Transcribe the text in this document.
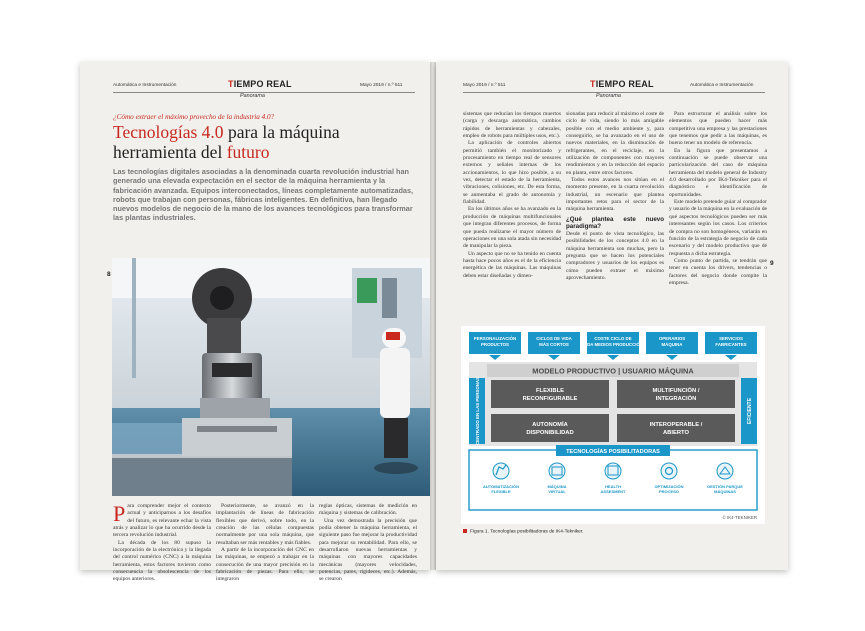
Automática e Instrumentación	TIEMPO REAL	Mayo 2019 / n.º 511
Panorama
¿Cómo extraer el máximo provecho de la industria 4.0?
Tecnologías 4.0 para la máquina herramienta del futuro
Las tecnologías digitales asociadas a la denominada cuarta revolución industrial han generado una elevada expectación en el sector de la máquina herramienta y la fabricación avanzada. Equipos interconectados, líneas completamente automatizadas, robots que trabajan con personas, fábricas inteligentes. En definitiva, han llegado nuevos modelos de negocio de la mano de los avances tecnológicos para transformar las plantas industriales.
P ara comprender mejor el contexto actual y anticiparnos a los desafíos del futuro, es relevante echar la vista atrás y analizar lo que ha ocurrido desde la tercera revolución industrial.

La década de los 80 supuso la incorporación de la electrónica y la llegada del control numérico (CNC) a la máquina herramienta, estos factores tuvieron como consecuencia la obsolescencia de los equipos anteriores.

Posteriormente, se avanzó en la implantación de líneas de fabricación flexibles que derivó, sobre todo, en la creación de las células compuestas normalmente por una sola máquina, que resultaban ser más rentables y más fiables.

A partir de la incorporación del CNC en las máquinas, se empezó a trabajar en la consecución de una mayor precisión en la fabricación de piezas. Para ello, se integraron

reglas ópticas, sistemas de medición en máquina y sistemas de calibración.

Una vez demostrada la precisión que podía obtener la máquina herramienta, el siguiente paso fue mejorar la productividad para mejorar su rentabilidad. Para ello, se desarrollaron nuevas herramientas y máquinas con mayores capacidades mecánicas (mayores velocidades, potencias, pares, rigideces, etc.). Además, se crearon

8
Mayo 2019 / n.º 511	TIEMPO REAL	Automática e Instrumentación
Panorama

sistemas que reducían los tiempos muertos (carga y descarga automática, cambios rápidos de herramientas y cabezales, empleo de robots para múltiples usos, etc.).

La aplicación de controles abiertos permitió también el monitorizado y procesamiento en tiempo real de sensores externos y señales internas de los accionamientos, lo que hizo posible, a su vez, detectar el estado de la herramienta, vibraciones, colisiones, etc. De esta forma, se aumentaba el grado de autonomía y fiabilidad.

En los últimos años se ha avanzado en la producción de máquinas multifuncionales que integran diferentes procesos, de forma que pueda realizarse el mayor número de operaciones en una sola atada sin necesidad de manipular la pieza.

Un aspecto que no se ha tenido en cuenta hasta hace pocos años es el de la eficiencia energética de las máquinas. Las máquinas deben estar diseñadas y dimen-

sionadas para reducir al máximo el coste de ciclo de vida, siendo lo más amigable posible con el medio ambiente y, para conseguirlo, se ha avanzado en el uso de nuevos materiales, en la disminución de refrigerantes, en el reciclaje, en la utilización de componentes con mayores rendimientos y en la reducción del espacio en planta, entre otros factores.

Todos estos avances nos sitúan en el momento presente, en la cuarta revolución industrial, un escenario que plantea importantes retos para el sector de la máquina herramienta.

¿Qué plantea este nuevo paradigma?

Desde el punto de vista tecnológico, las posibilidades de los conceptos 4.0 en la máquina herramienta son muchas, pero la pregunta que se hacen los potenciales compradores y usuarios de los equipos es cómo pueden extraer el máximo aprovechamiento.

Para estructurar el análisis sobre los elementos que pueden hacer más competitiva una empresa y las prestaciones que tenemos que pedir a las máquinas, es bueno tener un modelo de referencia.

En la figura que presentamos a continuación se puede observar una particularización del caso de máquina herramienta del modelo general de Industry 4.0 desarrollado por IK4-Tekniker para el diagnóstico e identificación de oportunidades.

Este modelo pretende guiar al comprador y usuario de la máquina en la evaluación de qué aspectos tecnológicos pueden ser más interesantes según los casos. Los criterios de compra no son homogéneos, variarán en función de la estrategia de negocio de cada escenario y del modelo productivo que dé respuesta a dicha estrategia.

Como punto de partida, se tendrán que tener en cuenta los drivers, tendencias o factores del negocio donde compite la empresa.

9
PERSONALIZACIÓN
PRODUCTOS
CICLOS DE VIDA
MÁS CORTOS
COSTE CICLO DE
VIDA MEDIOS PRODUCCIÓN
OPERARIOS
MÁQUINA
SERVICIOS
FABRICANTES
MODELO PRODUCTIVO | USUARIO MÁQUINA
CENTRADO EN LAS PERSONAS	EFICIENTE
FLEXIBLE
RECONFIGURABLE
MULTIFUNCIÓN /
INTEGRACIÓN
AUTONOMÍA
DISPONIBILIDAD
INTEROPERABLE /
ABIERTO
TECNOLOGÍAS POSIBILITADORAS
AUTOMATIZACIÓN
FLEXIBLE
MÁQUINA
VIRTUAL
HEALTH
ASSESMENT
OPTIMIZACIÓN
PROCESO
GESTIÓN PARQUE
MÁQUINAS
© IK4-TEKNIKER
Figura 1. Tecnologías posibilitadoras de IK4-Tekniker.
